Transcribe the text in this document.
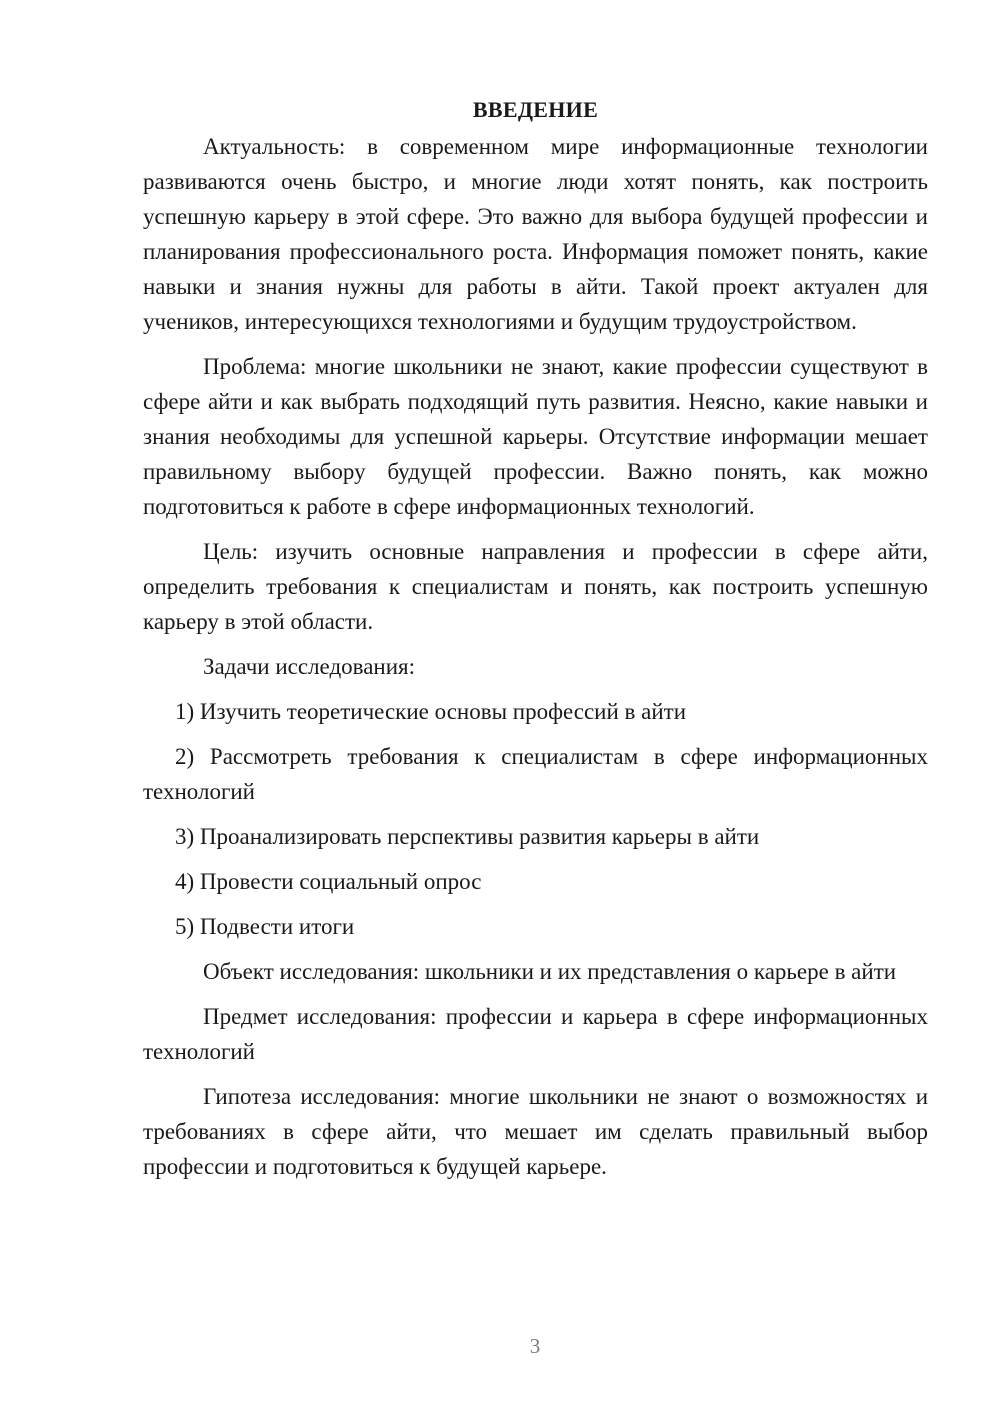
ВВЕДЕНИЕ

Актуальность: в современном мире информационные технологии развиваются очень быстро, и многие люди хотят понять, как построить успешную карьеру в этой сфере. Это важно для выбора будущей профессии и планирования профессионального роста. Информация поможет понять, какие навыки и знания нужны для работы в айти. Такой проект актуален для учеников, интересующихся технологиями и будущим трудоустройством.

Проблема: многие школьники не знают, какие профессии существуют в сфере айти и как выбрать подходящий путь развития. Неясно, какие навыки и знания необходимы для успешной карьеры. Отсутствие информации мешает правильному выбору будущей профессии. Важно понять, как можно подготовиться к работе в сфере информационных технологий.

Цель: изучить основные направления и профессии в сфере айти, определить требования к специалистам и понять, как построить успешную карьеру в этой области.

Задачи исследования:

1) Изучить теоретические основы профессий в айти

2) Рассмотреть требования к специалистам в сфере информационных технологий

3) Проанализировать перспективы развития карьеры в айти

4) Провести социальный опрос

5) Подвести итоги

Объект исследования: школьники и их представления о карьере в айти

Предмет исследования: профессии и карьера в сфере информационных технологий

Гипотеза исследования: многие школьники не знают о возможностях и требованиях в сфере айти, что мешает им сделать правильный выбор профессии и подготовиться к будущей карьере.

3
